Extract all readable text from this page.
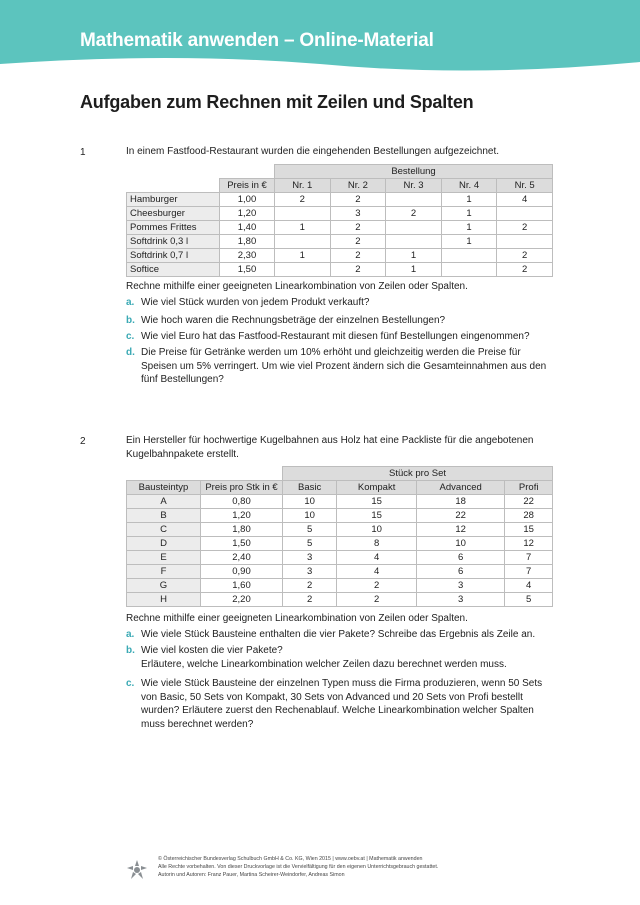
Mathematik anwenden – Online-Material
Aufgaben zum Rechnen mit Zeilen und Spalten
1	In einem Fastfood-Restaurant wurden die eingehenden Bestellungen aufgezeichnet.
		Bestellung				
	Preis in €	Nr. 1	Nr. 2	Nr. 3	Nr. 4	Nr. 5
Hamburger	1,00	2	2		1	4
Cheesburger	1,20		3	2	1	
Pommes Frittes	1,40	1	2		1	2
Softdrink 0,3 l	1,80		2		1	
Softdrink 0,7 l	2,30	1	2	1		2
Softice	1,50		2	1		2
Rechne mithilfe einer geeigneten Linearkombination von Zeilen oder Spalten.
a. Wie viel Stück wurden von jedem Produkt verkauft?
b. Wie hoch waren die Rechnungsbeträge der einzelnen Bestellungen?
c. Wie viel Euro hat das Fastfood-Restaurant mit diesen fünf Bestellungen eingenommen?
d. Die Preise für Getränke werden um 10% erhöht und gleichzeitig werden die Preise für Speisen um 5% verringert. Um wie viel Prozent ändern sich die Gesamteinnahmen aus den fünf Bestellungen?
2	Ein Hersteller für hochwertige Kugelbahnen aus Holz hat eine Packliste für die angebotenen Kugelbahnpakete erstellt.
		Stück pro Set			
Bausteintyp	Preis pro Stk in €	Basic	Kompakt	Advanced	Profi
A	0,80	10	15	18	22
B	1,20	10	15	22	28
C	1,80	5	10	12	15
D	1,50	5	8	10	12
E	2,40	3	4	6	7
F	0,90	3	4	6	7
G	1,60	2	2	3	4
H	2,20	2	2	3	5
Rechne mithilfe einer geeigneten Linearkombination von Zeilen oder Spalten.
a. Wie viele Stück Bausteine enthalten die vier Pakete? Schreibe das Ergebnis als Zeile an.
b. Wie viel kosten die vier Pakete?
Erläutere, welche Linearkombination welcher Zeilen dazu berechnet werden muss.
c. Wie viele Stück Bausteine der einzelnen Typen muss die Firma produzieren, wenn 50 Sets von Basic, 50 Sets von Kompakt, 30 Sets von Advanced und 20 Sets von Profi bestellt wurden? Erläutere zuerst den Rechenablauf. Welche Linearkombination welcher Spalten muss berechnet werden?
© Österreichischer Bundesverlag Schulbuch GmbH & Co. KG, Wien 2015 | www.oebv.at | Mathematik anwenden
Alle Rechte vorbehalten. Von dieser Druckvorlage ist die Vervielfältigung für den eigenen Unterrichtsgebrauch gestattet.
Autorin und Autoren: Franz Pauer, Martina Scheirer-Weindorfer, Andreas Simon
